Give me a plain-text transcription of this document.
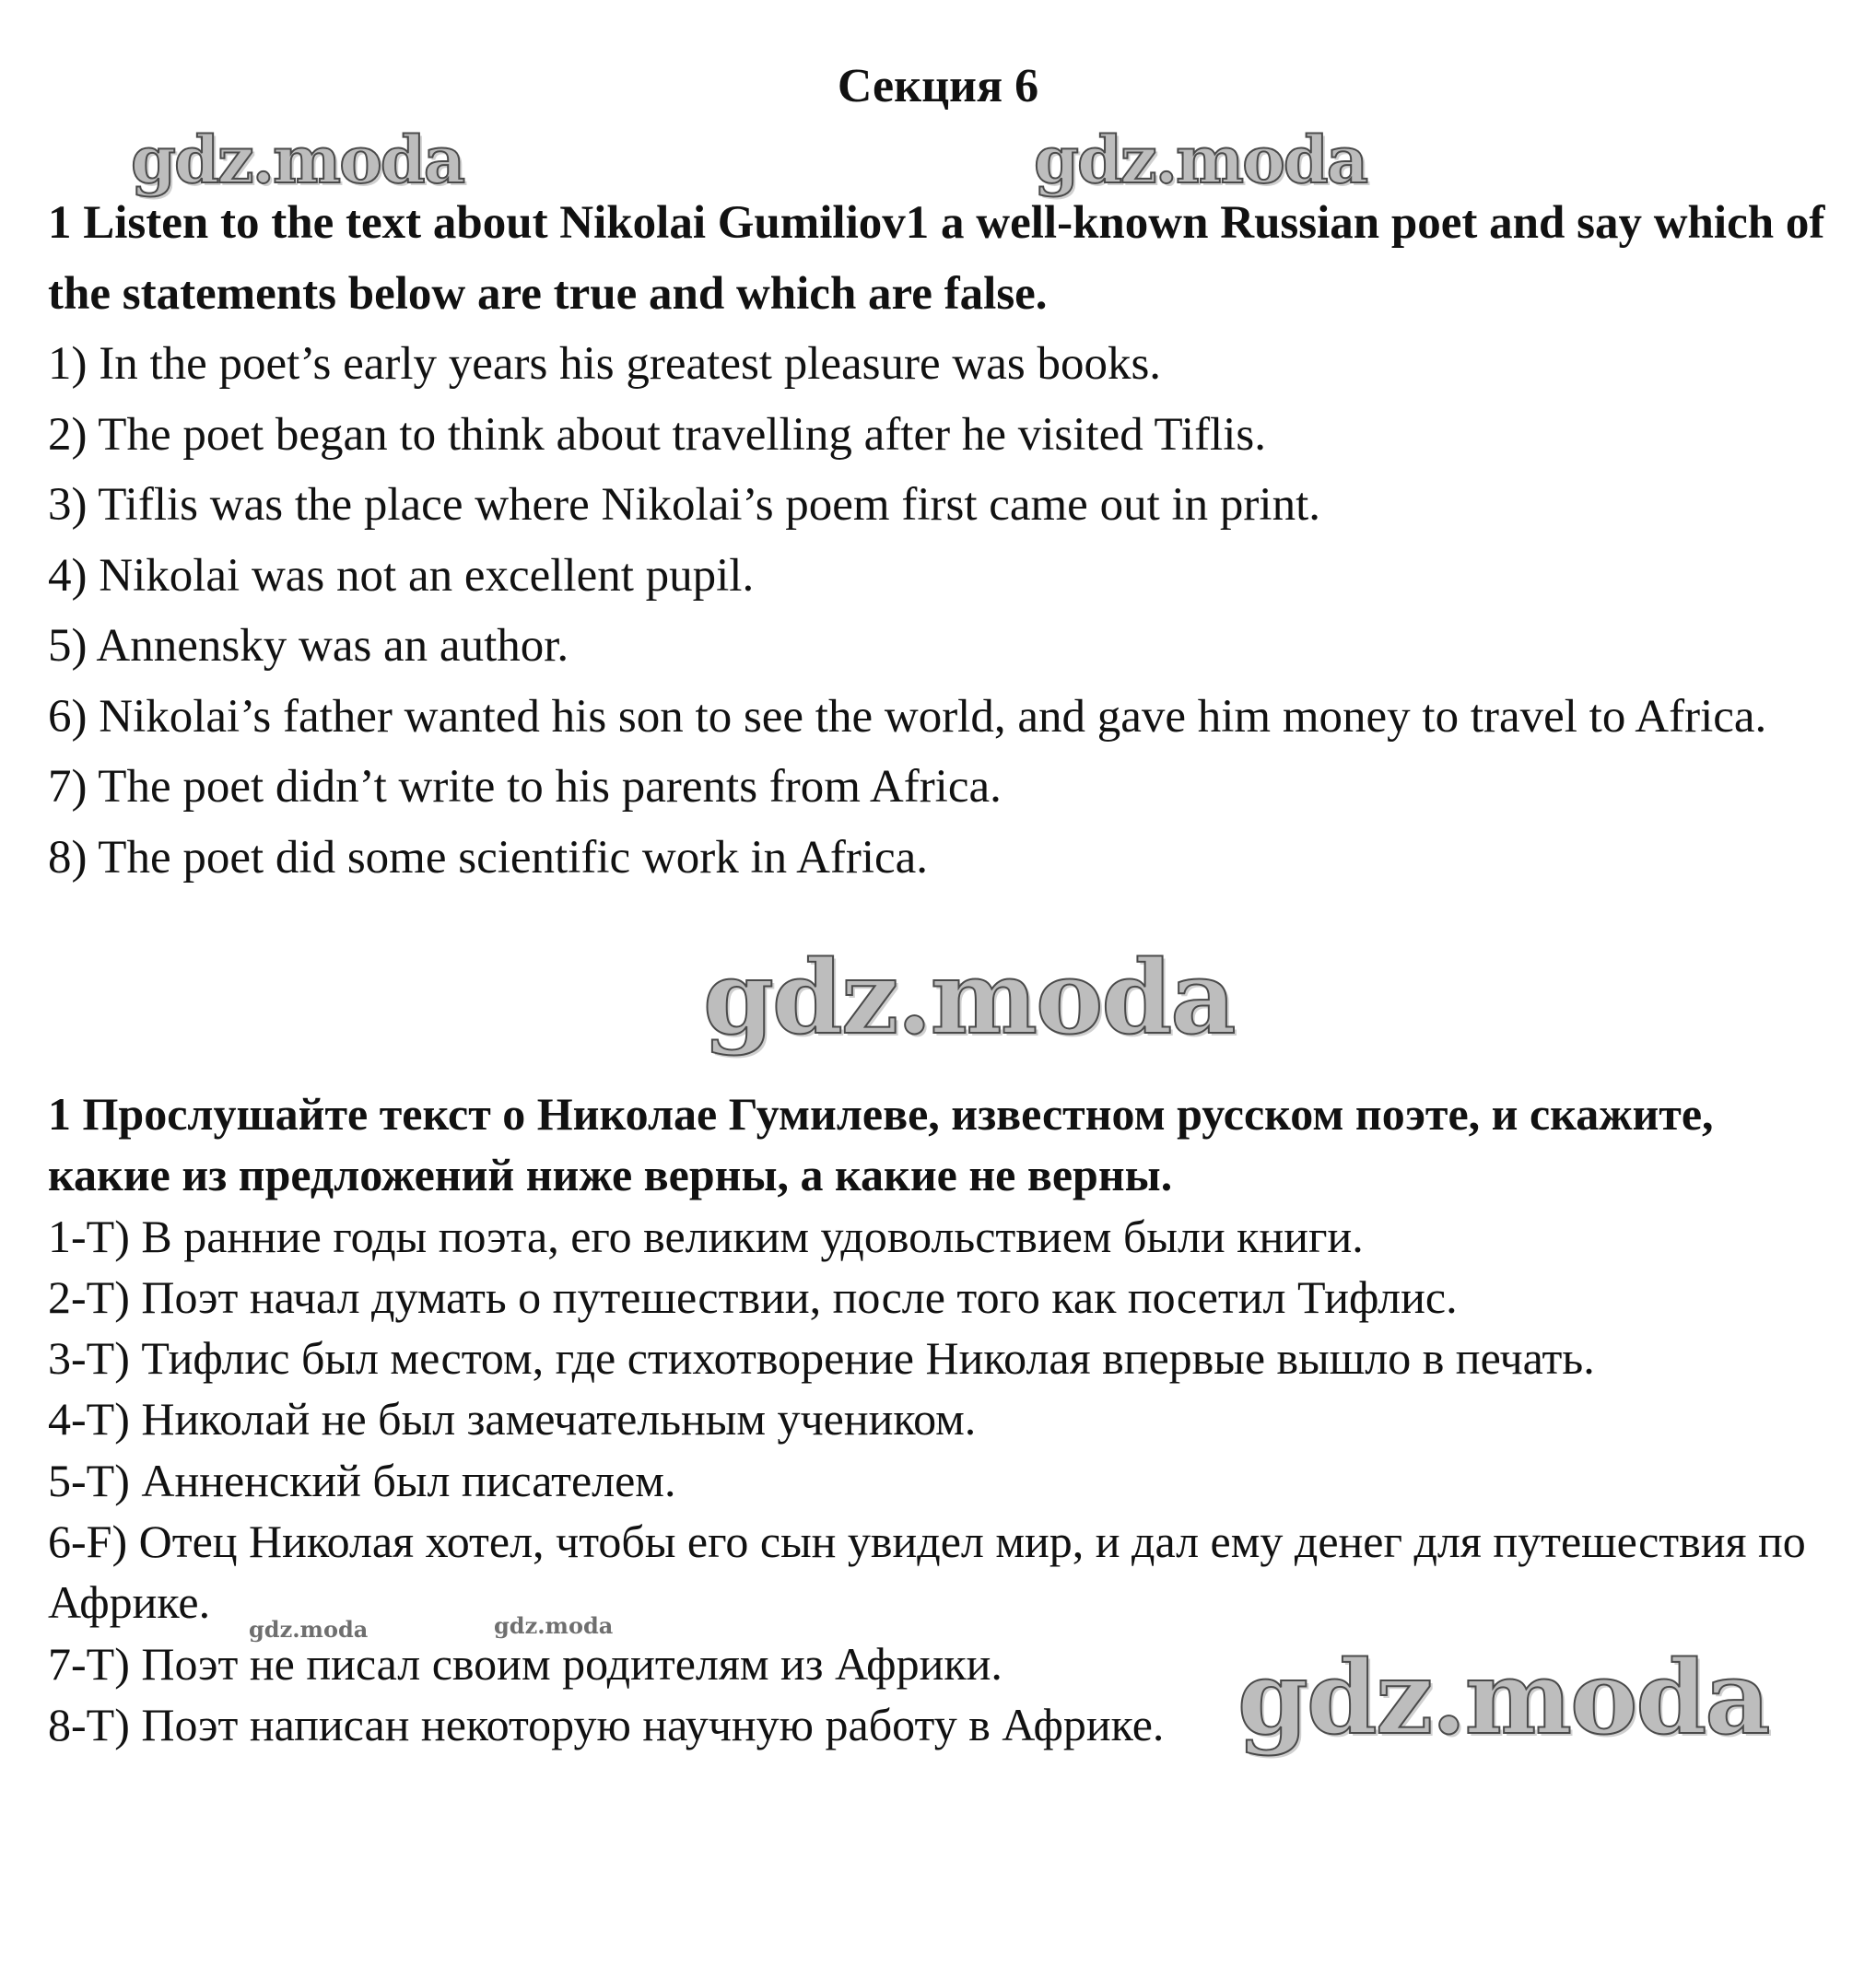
Секция 6
gdz.moda	gdz.moda
1 Listen to the text about Nikolai Gumiliov1 a well-known Russian poet and say which of the statements below are true and which are false.
1) In the poet’s early years his greatest pleasure was books.
2) The poet began to think about travelling after he visited Tiflis.
3) Tiflis was the place where Nikolai’s poem first came out in print.
4) Nikolai was not an excellent pupil.
5) Annensky was an author.
6) Nikolai’s father wanted his son to see the world, and gave him money to travel to Africa.
7) The poet didn’t write to his parents from Africa.
8) The poet did some scientific work in Africa.
gdz.moda
1 Прослушайте текст о Николае Гумилеве, известном русском поэте, и скажите, какие из предложений ниже верны, а какие не верны.
1-T) В ранние годы поэта, его великим удовольствием были книги.
2-T) Поэт начал думать о путешествии, после того как посетил Тифлис.
3-T) Тифлис был местом, где стихотворение Николая впервые вышло в печать.
4-T) Николай не был замечательным учеником.
5-T) Анненский был писателем.
6-F) Отец Николая хотел, чтобы его сын увидел мир, и дал ему денег для путешествия по Африке.
7-T) Поэт не писал своим родителям из Африки.
8-T) Поэт написан некоторую научную работу в Африке.
gdz.moda	gdz.moda
gdz.moda
